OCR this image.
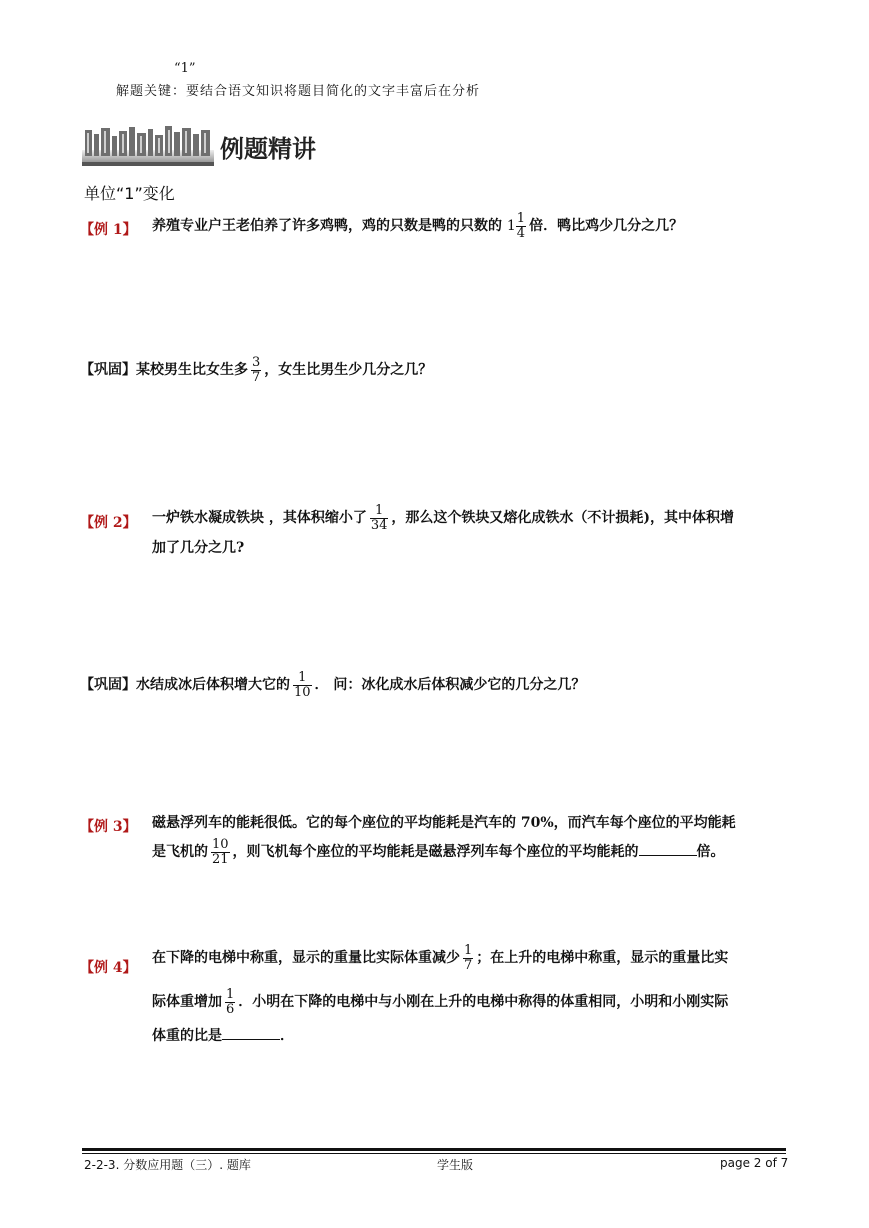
“1”
解题关键：要结合语文知识将题目简化的文字丰富后在分析
例题精讲
单位“1”变化
【例 1】 养殖专业户王老伯养了许多鸡鸭，鸡的只数是鸭的只数的 $1 \frac{1}{4}$ 倍．鸭比鸡少几分之几？
【巩固】某校男生比女生多 $\frac{3}{7}$ ，女生比男生少几分之几？
【例 2】 一炉铁水凝成铁块 ，其体积缩小了 $\frac{1}{34}$ ，那么这个铁块又熔化成铁水（不计损耗)，其中体积增
加了几分之几?
【巩固】水结成冰后体积增大它的 $\frac{1}{10}$ ． 问：冰化成水后体积减少它的几分之几？
【例 3】 磁悬浮列车的能耗很低。它的每个座位的平均能耗是汽车的 70%，而汽车每个座位的平均能耗
是飞机的 $\frac{10}{21}$ ，则飞机每个座位的平均能耗是磁悬浮列车每个座位的平均能耗的	倍。
【例 4】
在下降的电梯中称重，显示的重量比实际体重减少 $\frac{1}{7}$ ；在上升的电梯中称重，显示的重量比实
际体重增加 $\frac{1}{6}$ ．小明在下降的电梯中与小刚在上升的电梯中称得的体重相同，小明和小刚实际
体重的比是	．
2-2-3. 分数应用题（三）. 题库	学生版	page 2 of 7
